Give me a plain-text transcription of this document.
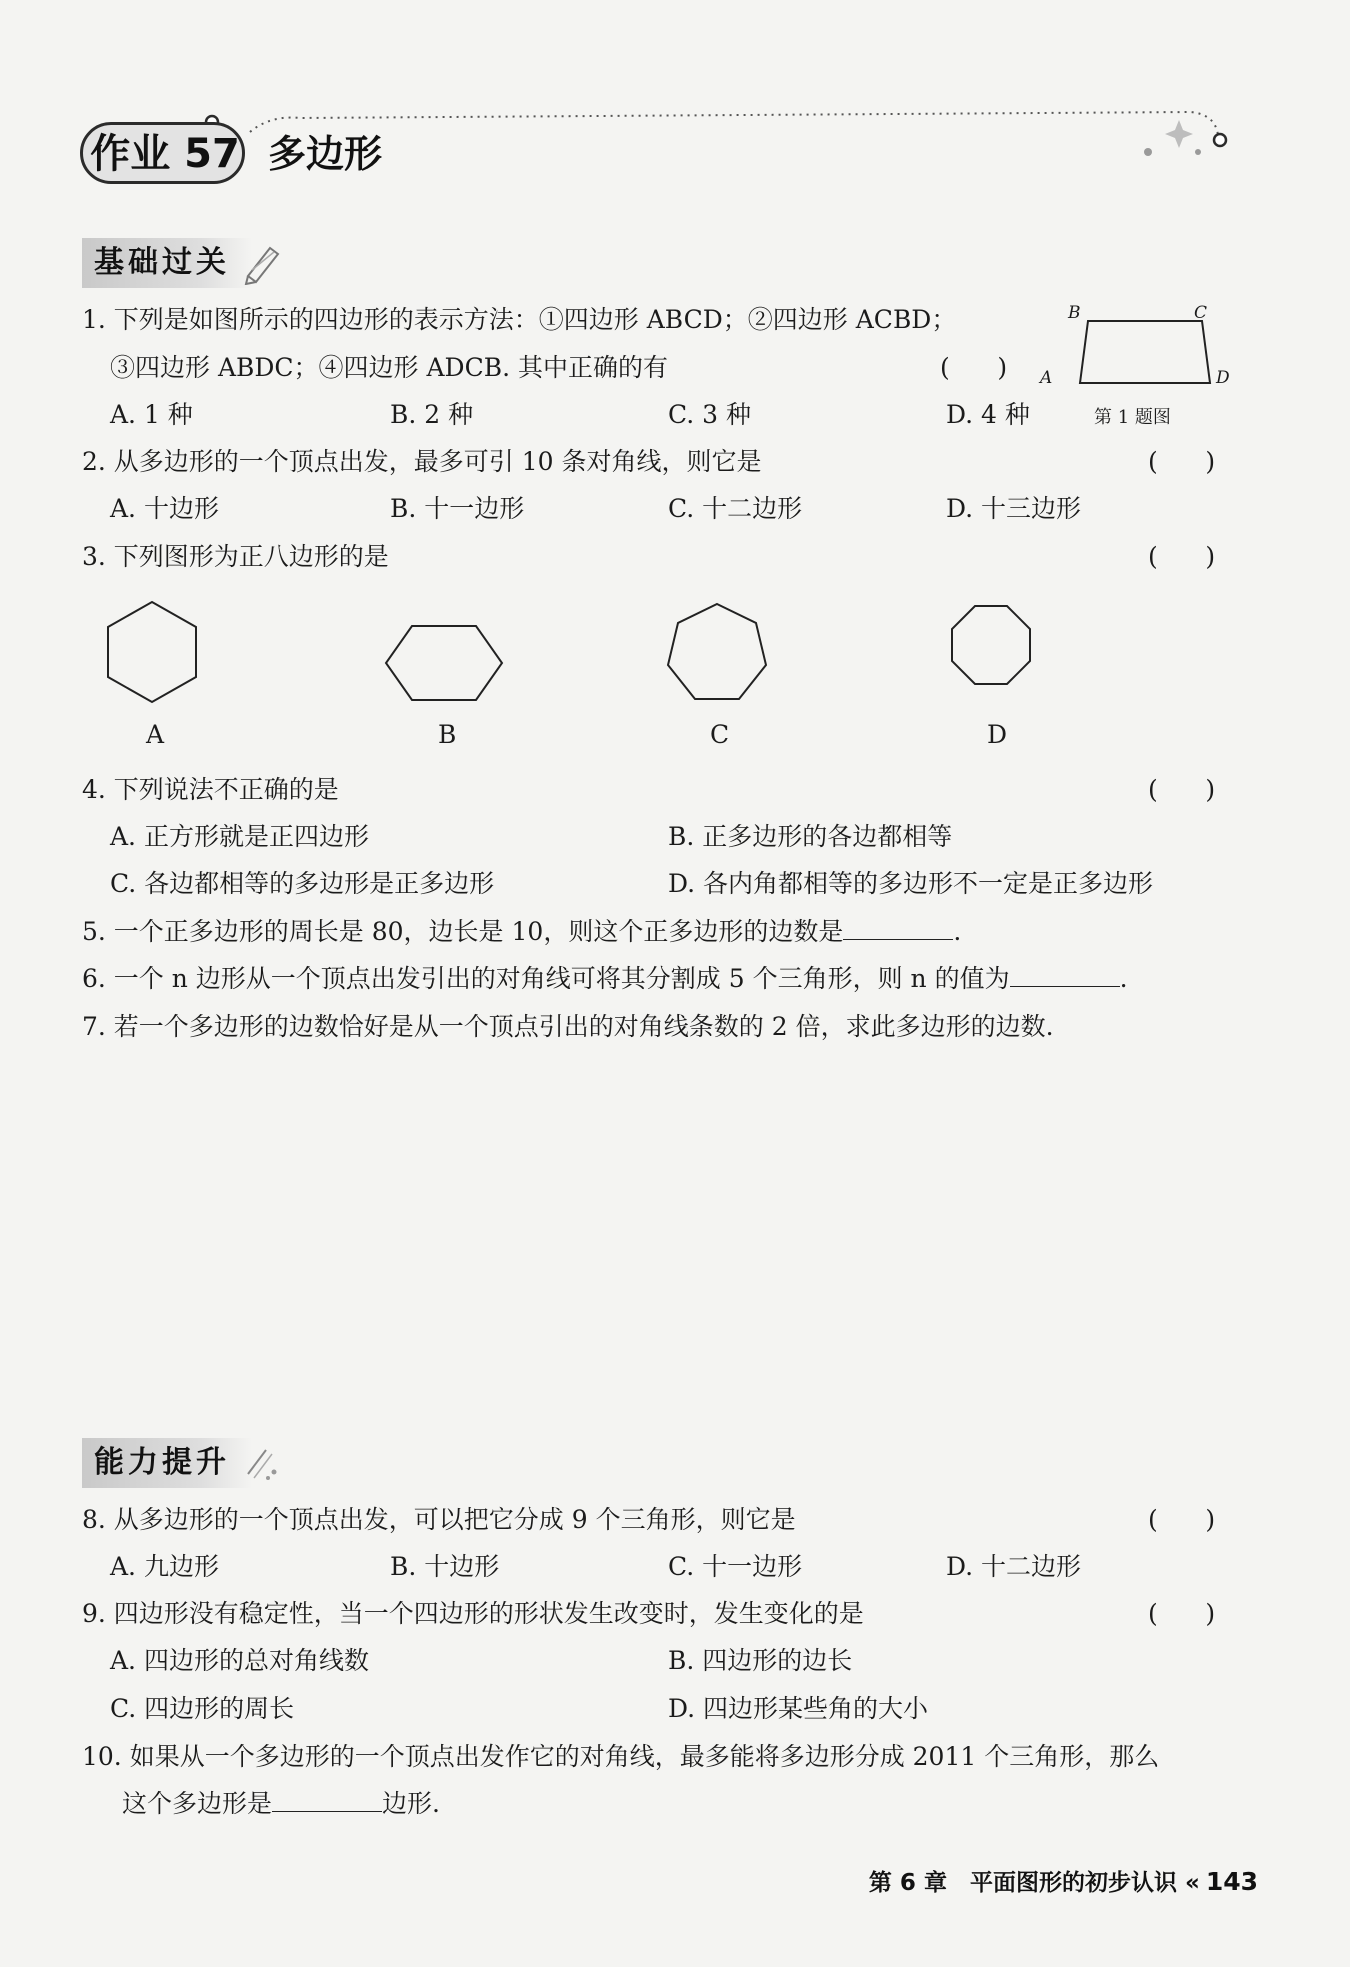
作业 57 多边形
基础过关
1. 下列是如图所示的四边形的表示方法：①四边形 ABCD；②四边形 ACBD；
③四边形 ABDC；④四边形 ADCB. 其中正确的有	(      )
A. 1 种	B. 2 种	C. 3 种	D. 4 种
B	C
A	D
第 1 题图
2. 从多边形的一个顶点出发，最多可引 10 条对角线，则它是	(      )
A. 十边形	B. 十一边形	C. 十二边形	D. 十三边形
3. 下列图形为正八边形的是	(      )
A	B	C	D
4. 下列说法不正确的是	(      )
A. 正方形就是正四边形	B. 正多边形的各边都相等
C. 各边都相等的多边形是正多边形	D. 各内角都相等的多边形不一定是正多边形
5. 一个正多边形的周长是 80，边长是 10，则这个正多边形的边数是	.
6. 一个 n 边形从一个顶点出发引出的对角线可将其分割成 5 个三角形，则 n 的值为	.
7. 若一个多边形的边数恰好是从一个顶点引出的对角线条数的 2 倍，求此多边形的边数.
能力提升
8. 从多边形的一个顶点出发，可以把它分成 9 个三角形，则它是	(      )
A. 九边形	B. 十边形	C. 十一边形	D. 十二边形
9. 四边形没有稳定性，当一个四边形的形状发生改变时，发生变化的是	(      )
A. 四边形的总对角线数	B. 四边形的边长
C. 四边形的周长	D. 四边形某些角的大小
10. 如果从一个多边形的一个顶点出发作它的对角线，最多能将多边形分成 2011 个三角形，那么
这个多边形是	边形.
第 6 章　平面图形的初步认识 « 143
